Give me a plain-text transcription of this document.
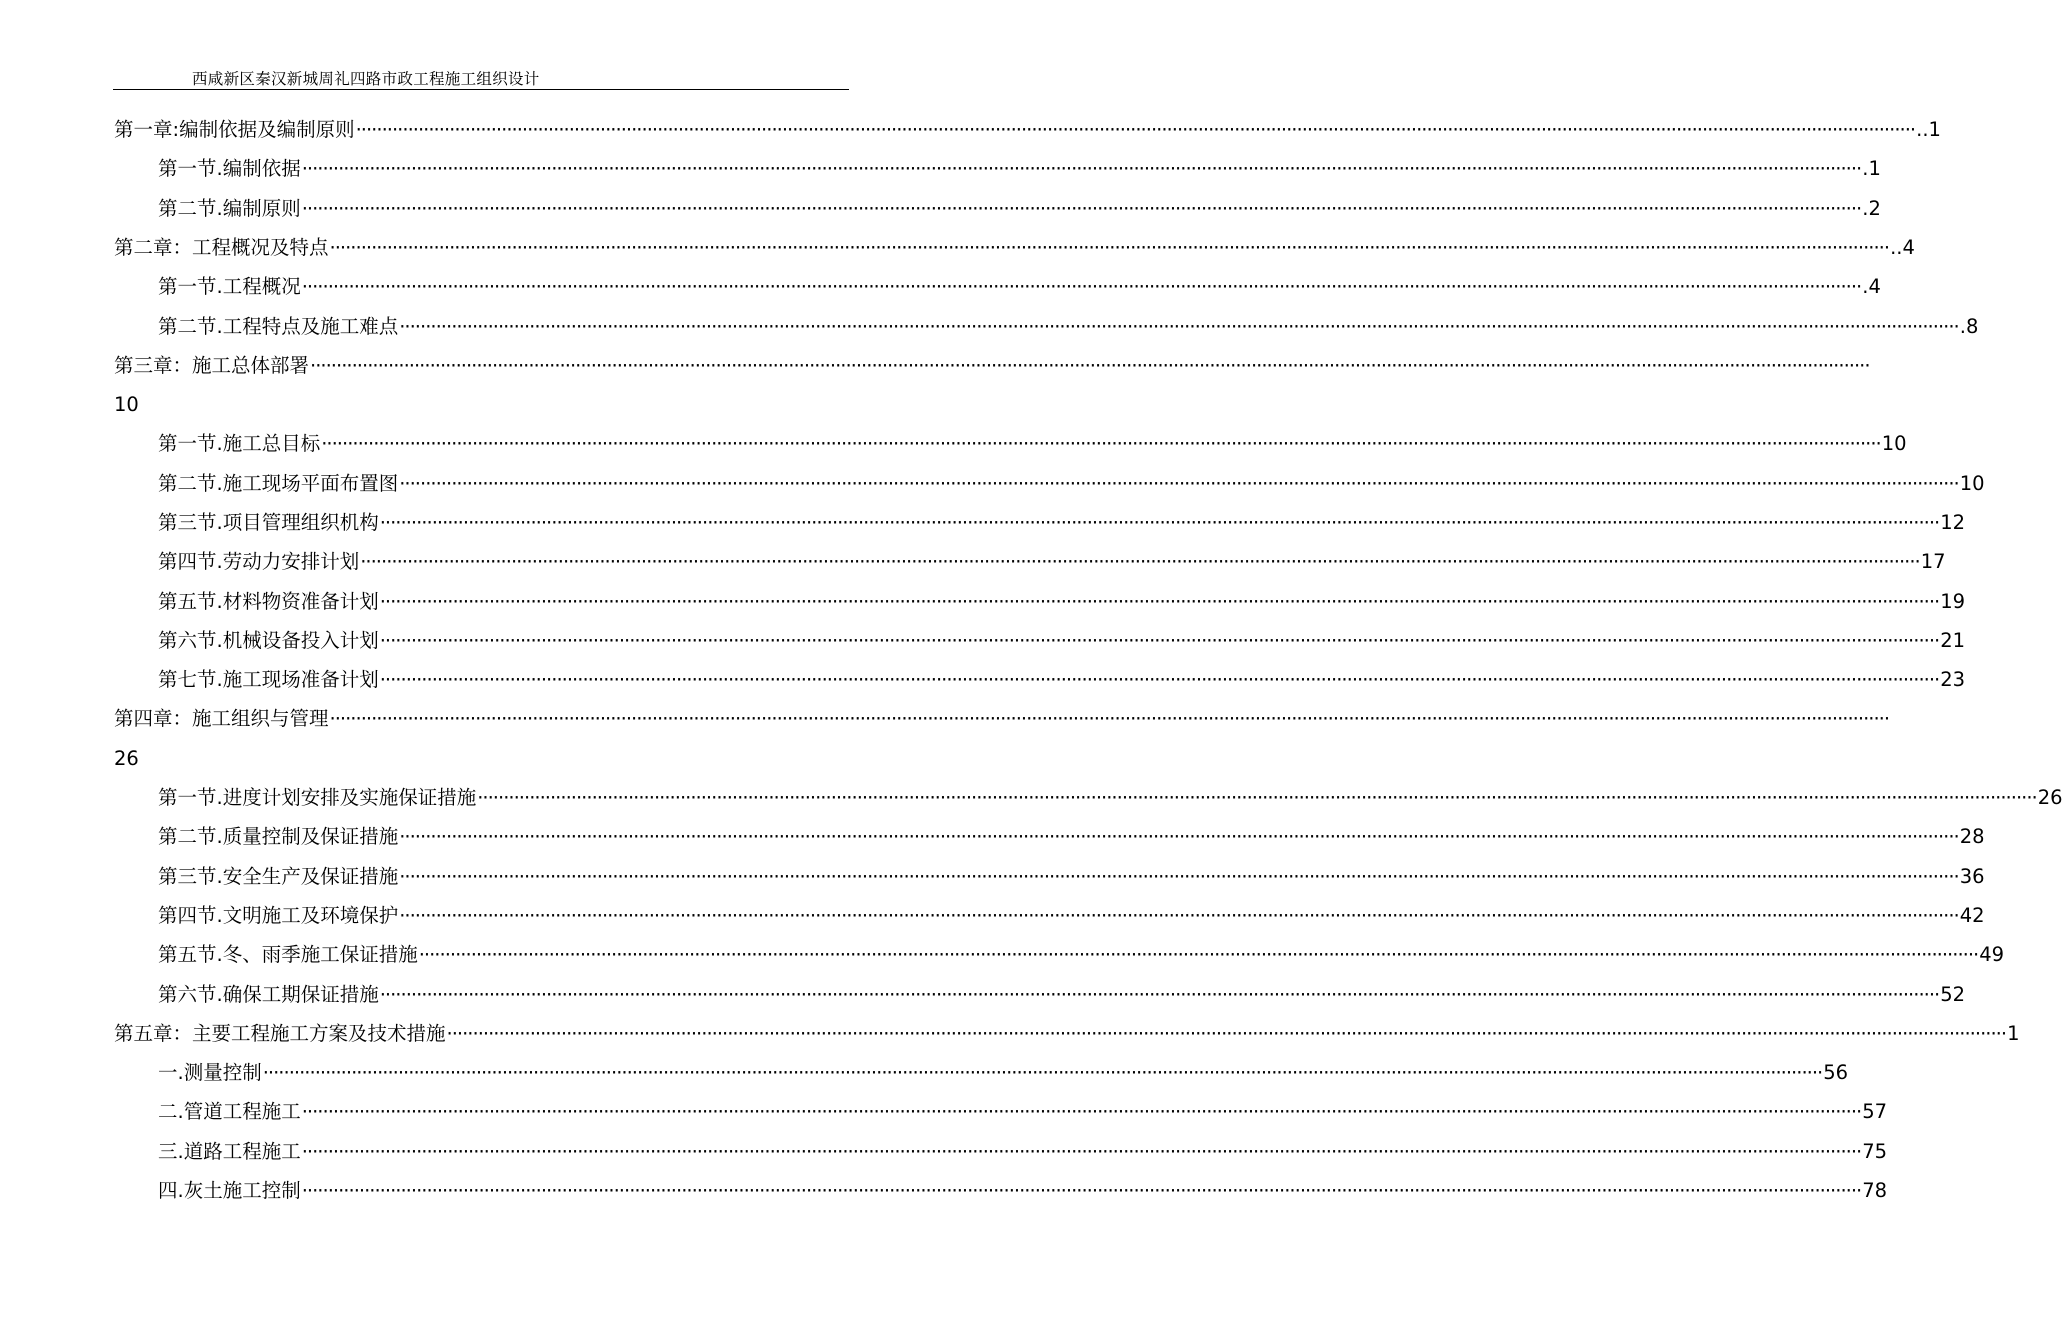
西咸新区秦汉新城周礼四路市政工程施工组织设计
第一章:编制依据及编制原则 ············································································································································································································································································································ ..1
第一节.编制依据 ············································································································································································································································································································ .1
第二节.编制原则 ············································································································································································································································································································ .2
第二章：工程概况及特点 ············································································································································································································································································································ ..4
第一节.工程概况 ············································································································································································································································································································ .4
第二节.工程特点及施工难点 ············································································································································································································································································································ .8
第三章：施工总体部署 ············································································································································································································································································································
10
第一节.施工总目标 ············································································································································································································································································································ 10
第二节.施工现场平面布置图 ············································································································································································································································································································ 10
第三节.项目管理组织机构 ············································································································································································································································································································ 12
第四节.劳动力安排计划 ············································································································································································································································································································ 17
第五节.材料物资准备计划 ············································································································································································································································································································ 19
第六节.机械设备投入计划 ············································································································································································································································································································ 21
第七节.施工现场准备计划 ············································································································································································································································································································ 23
第四章：施工组织与管理 ············································································································································································································································································································
26
第一节.进度计划安排及实施保证措施 ············································································································································································································································································································ 26
第二节.质量控制及保证措施 ············································································································································································································································································································ 28
第三节.安全生产及保证措施 ············································································································································································································································································································ 36
第四节.文明施工及环境保护 ············································································································································································································································································································ 42
第五节.冬、雨季施工保证措施 ············································································································································································································································································································ 49
第六节.确保工期保证措施 ············································································································································································································································································································ 52
第五章：主要工程施工方案及技术措施 ············································································································································································································································································································ 1
一.测量控制 ············································································································································································································································································································ 56
二.管道工程施工 ············································································································································································································································································································ 57
三.道路工程施工 ············································································································································································································································································································ 75
四.灰土施工控制 ············································································································································································································································································································ 78
